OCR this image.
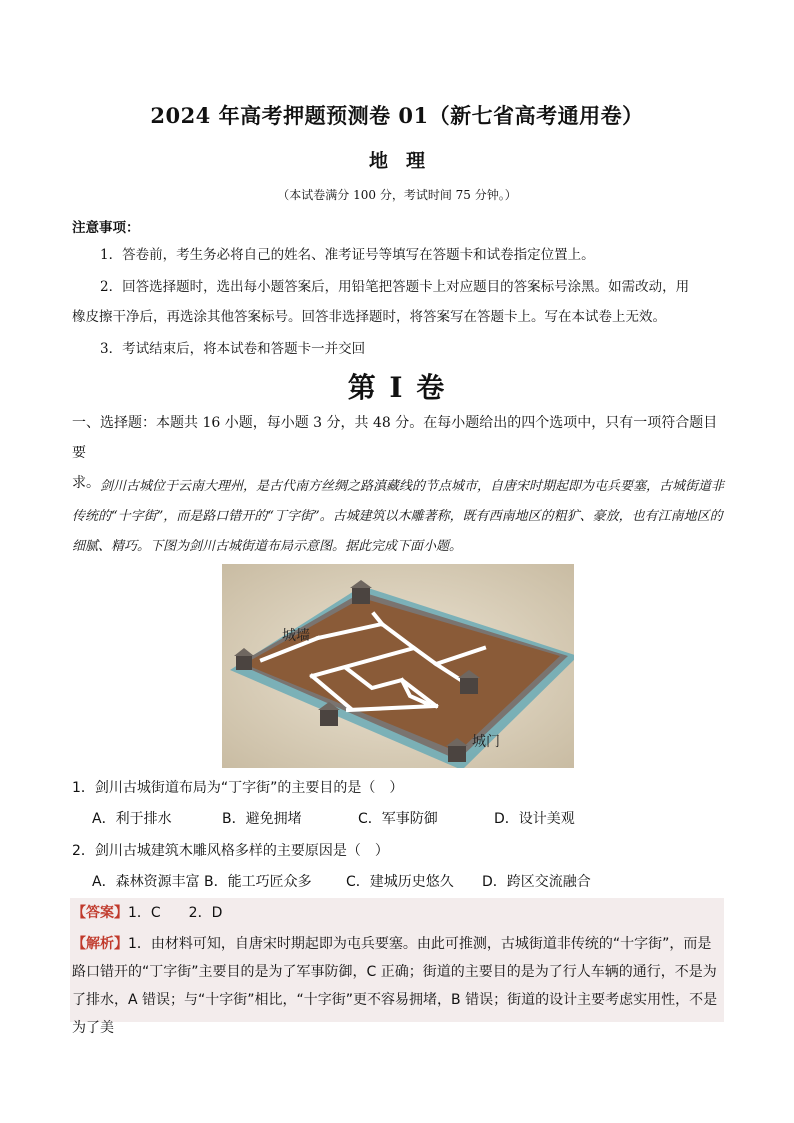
2024 年高考押题预测卷 01（新七省高考通用卷）
地理
（本试卷满分 100 分，考试时间 75 分钟。）
注意事项：
1．答卷前，考生务必将自己的姓名、准考证号等填写在答题卡和试卷指定位置上。
2．回答选择题时，选出每小题答案后，用铅笔把答题卡上对应题目的答案标号涂黑。如需改动，用
橡皮擦干净后，再选涂其他答案标号。回答非选择题时，将答案写在答题卡上。写在本试卷上无效。
3．考试结束后，将本试卷和答题卡一并交回
第 I 卷
一、选择题：本题共 16 小题，每小题 3 分，共 48 分。在每小题给出的四个选项中，只有一项符合题目要
求。 剑川古城位于云南大理州，是古代南方丝绸之路滇藏线的节点城市，自唐宋时期起即为屯兵要塞，古城街道非传统的“十字街”，而是路口错开的“丁字街”。古城建筑以木雕著称，既有西南地区的粗犷、豪放，也有江南地区的细腻、精巧。下图为剑川古城街道布局示意图。据此完成下面小题。
城墙
城门
1．剑川古城街道布局为“丁字街”的主要目的是（　）
A．利于排水	B．避免拥堵	C．军事防御	D．设计美观
2．剑川古城建筑木雕风格多样的主要原因是（　）
A．森林资源丰富 B．能工巧匠众多 C．建城历史悠久 D．跨区交流融合
【答案】1．C　　2．D
【解析】1．由材料可知，自唐宋时期起即为屯兵要塞。由此可推测，古城街道非传统的“十字街”，而是路口错开的“丁字街”主要目的是为了军事防御，C 正确；街道的主要目的是为了行人车辆的通行，不是为了排水，A 错误；与“十字街”相比，“十字街”更不容易拥堵，B 错误；街道的设计主要考虑实用性，不是为了美
